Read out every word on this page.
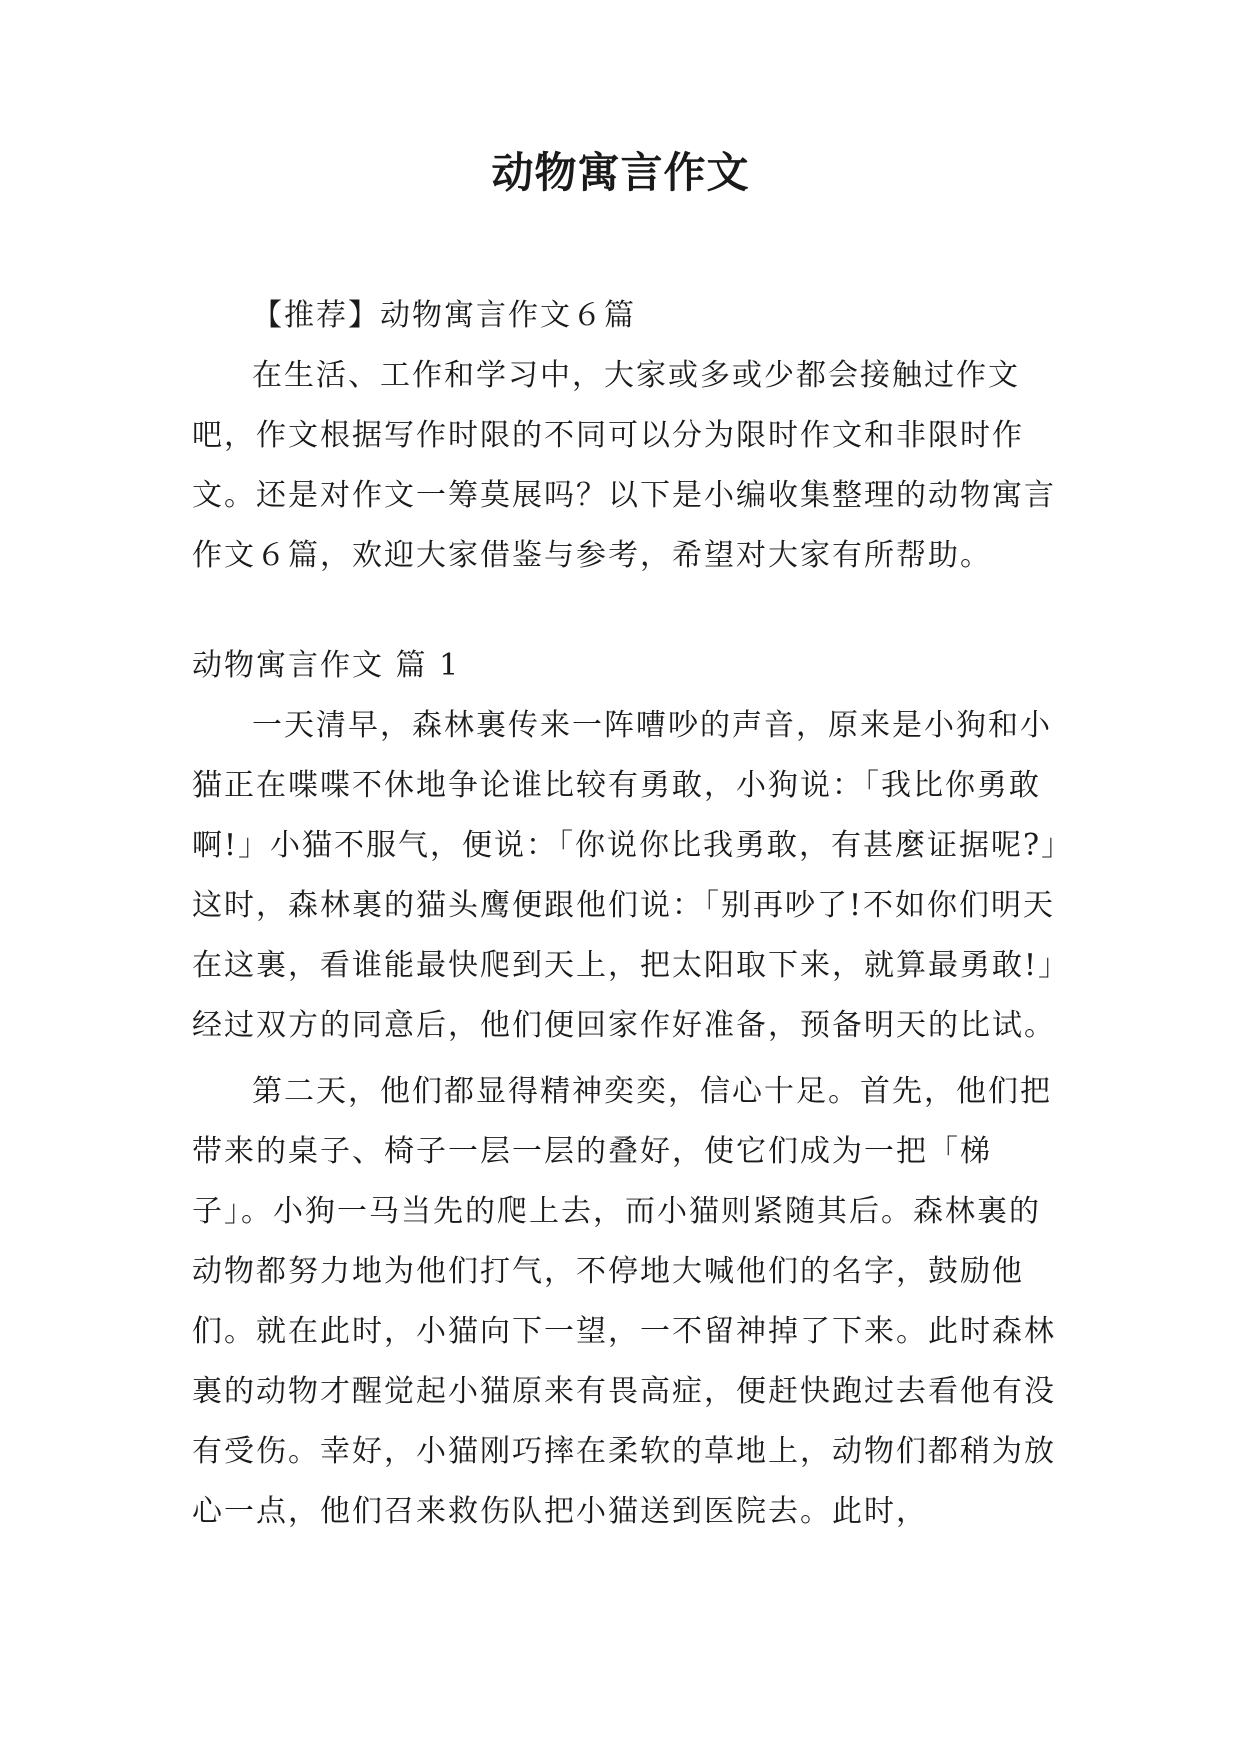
动物寓言作文

【推荐】动物寓言作文６篇

在生活、工作和学习中，大家或多或少都会接触过作文吧，作文根据写作时限的不同可以分为限时作文和非限时作文。还是对作文一筹莫展吗？以下是小编收集整理的动物寓言作文６篇，欢迎大家借鉴与参考，希望对大家有所帮助。

动物寓言作文 篇 1

一天清早，森林裏传来一阵嘈吵的声音，原来是小狗和小猫正在喋喋不休地争论谁比较有勇敢，小狗说：「我比你勇敢啊!」小猫不服气，便说：「你说你比我勇敢，有甚麼证据呢?」这时，森林裏的猫头鹰便跟他们说：「别再吵了!不如你们明天在这裏，看谁能最快爬到天上，把太阳取下来，就算最勇敢!」经过双方的同意后，他们便回家作好准备，预备明天的比试。

第二天，他们都显得精神奕奕，信心十足。首先，他们把带来的桌子、椅子一层一层的叠好，使它们成为一把「梯子」。小狗一马当先的爬上去，而小猫则紧随其后。森林裏的动物都努力地为他们打气，不停地大喊他们的名字，鼓励他们。就在此时，小猫向下一望，一不留神掉了下来。此时森林裏的动物才醒觉起小猫原来有畏高症，便赶快跑过去看他有没有受伤。幸好，小猫刚巧摔在柔软的草地上，动物们都稍为放心一点，他们召来救伤队把小猫送到医院去。此时，
